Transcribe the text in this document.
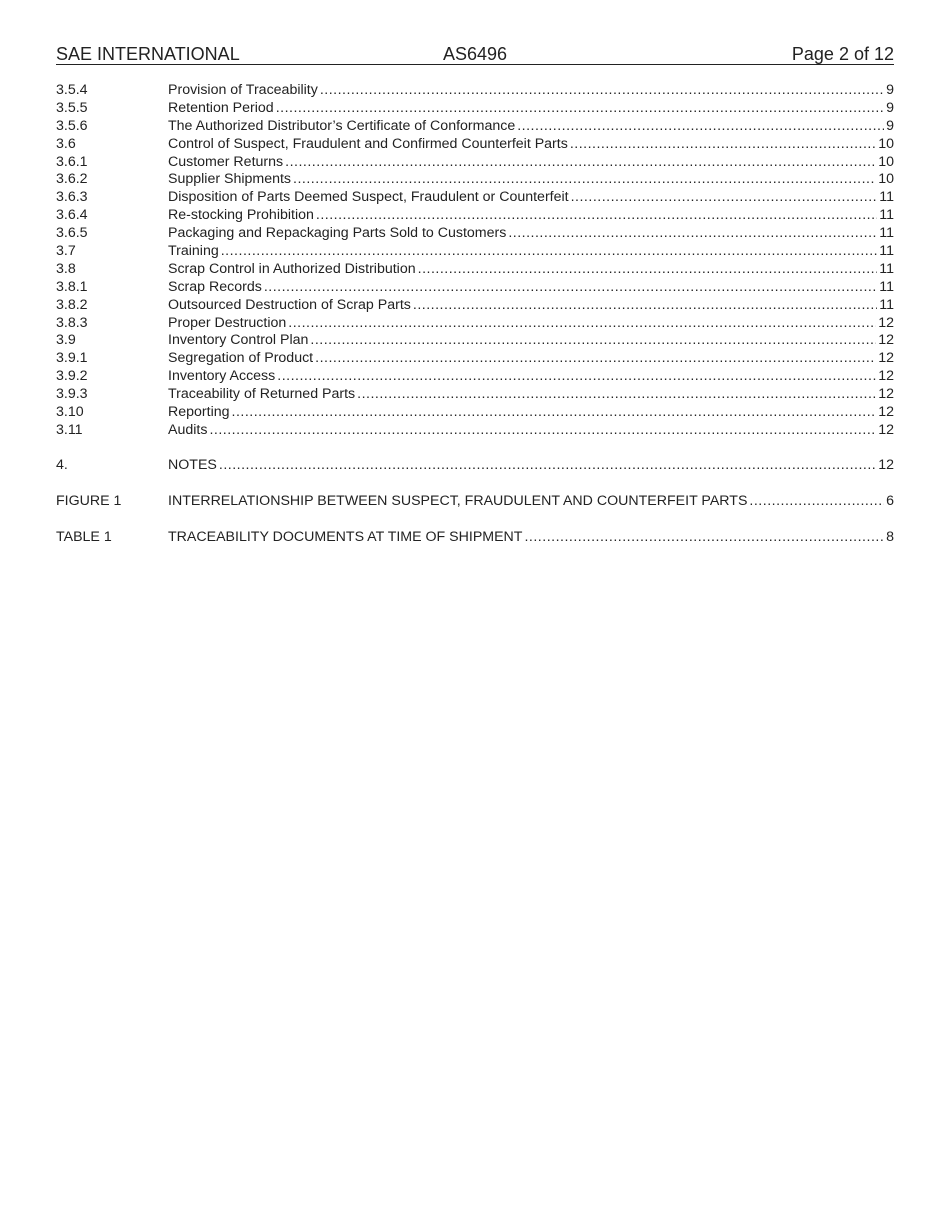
SAE INTERNATIONAL	AS6496	Page 2 of 12
3.5.4	Provision of Traceability .....	9
3.5.5	Retention Period .....	9
3.5.6	The Authorized Distributor’s Certificate of Conformance .....	9
3.6	Control of Suspect, Fraudulent and Confirmed Counterfeit Parts .....	10
3.6.1	Customer Returns .....	10
3.6.2	Supplier Shipments .....	10
3.6.3	Disposition of Parts Deemed Suspect, Fraudulent or Counterfeit .....	11
3.6.4	Re-stocking Prohibition .....	11
3.6.5	Packaging and Repackaging Parts Sold to Customers .....	11
3.7	Training .....	11
3.8	Scrap Control in Authorized Distribution .....	11
3.8.1	Scrap Records .....	11
3.8.2	Outsourced Destruction of Scrap Parts .....	11
3.8.3	Proper Destruction .....	12
3.9	Inventory Control Plan .....	12
3.9.1	Segregation of Product .....	12
3.9.2	Inventory Access .....	12
3.9.3	Traceability of Returned Parts .....	12
3.10	Reporting .....	12
3.11	Audits .....	12
4.	NOTES .....	12
FIGURE 1	INTERRELATIONSHIP BETWEEN SUSPECT, FRAUDULENT AND COUNTERFEIT PARTS .....	6
TABLE 1	TRACEABILITY DOCUMENTS AT TIME OF SHIPMENT .....	8
